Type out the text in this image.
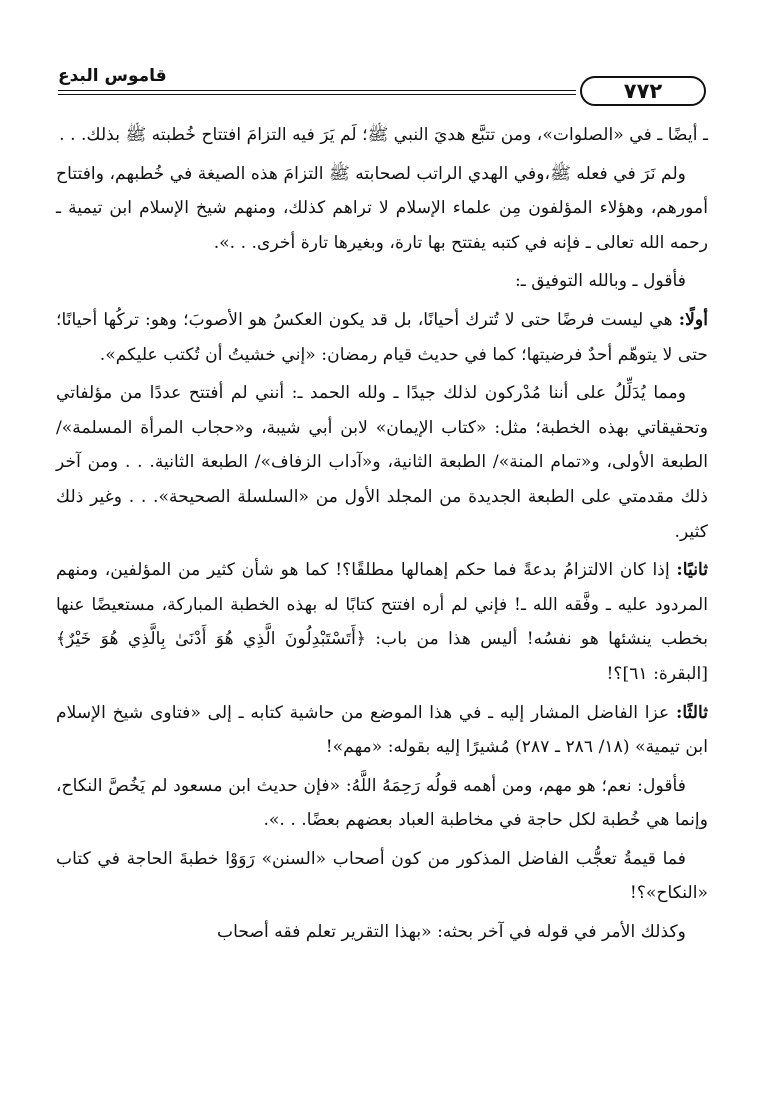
قاموس البدع
٧٧٢

ـ أيضًا ـ في «الصلوات»، ومن تتبَّع هديَ النبي ﷺ؛ لَم يَرَ فيه التزامَ افتتاح خُطبته ﷺ بذلك. . .

ولم نَرَ في فعله ﷺ،وفي الهدي الراتب لصحابته ﷺ التزامَ هذه الصيغة في خُطبهم، وافتتاح أمورهم، وهؤلاء المؤلفون مِن علماء الإسلام لا تراهم كذلك، ومنهم شيخ الإسلام ابن تيمية ـ رحمه الله تعالى ـ فإنه في كتبه يفتتح بها تارة، وبغيرها تارة أخرى. . .».

فأقول ـ وبالله التوفيق ـ:

أولًا: هي ليست فرضًا حتى لا تُترك أحيانًا، بل قد يكون العكسُ هو الأصوبَ؛ وهو: تركُها أحيانًا؛ حتى لا يتوهّم أحدٌ فرضيتها؛ كما في حديث قيام رمضان: «إني خشيتُ أن تُكتب عليكم».

ومما يُدَلِّلُ على أننا مُدْركون لذلك جيدًا ـ ولله الحمد ـ: أنني لم أفتتح عددًا من مؤلفاتي وتحقيقاتي بهذه الخطبة؛ مثل: «كتاب الإيمان» لابن أبي شيبة، و«حجاب المرأة المسلمة»/ الطبعة الأولى، و«تمام المنة»/ الطبعة الثانية، و«آداب الزفاف»/ الطبعة الثانية. . . ومن آخر ذلك مقدمتي على الطبعة الجديدة من المجلد الأول من «السلسلة الصحيحة». . . وغير ذلك كثير.

ثانيًا: إذا كان الالتزامُ بدعةً فما حكم إهمالها مطلقًا؟! كما هو شأن كثير من المؤلفين، ومنهم المردود عليه ـ وفَّقه الله ـ! فإني لم أره افتتح كتابًا له بهذه الخطبة المباركة، مستعيضًا عنها بخطب ينشئها هو نفسُه! أليس هذا من باب: ﴿أَتَسْتَبْدِلُونَ الَّذِي هُوَ أَدْنَىٰ بِالَّذِي هُوَ خَيْرٌ﴾ [البقرة: ٦١]؟!

ثالثًا: عزا الفاضل المشار إليه ـ في هذا الموضع من حاشية كتابه ـ إلى «فتاوى شيخ الإسلام ابن تيمية» (١٨/ ٢٨٦ ـ ٢٨٧) مُشيرًا إليه بقوله: «مهم»!

فأقول: نعم؛ هو مهم، ومن أهمه قولُه رَحِمَهُ اللَّهُ: «فإن حديث ابن مسعود لم يَخُصَّ النكاح، وإنما هي خُطبة لكل حاجة في مخاطبة العباد بعضهم بعضًا. . .».

فما قيمةُ تعجُّب الفاضل المذكور من كون أصحاب «السنن» رَوَوْا خطبةَ الحاجة في كتاب «النكاح»؟!

وكذلك الأمر في قوله في آخر بحثه: «بهذا التقرير تعلم فقه أصحاب
